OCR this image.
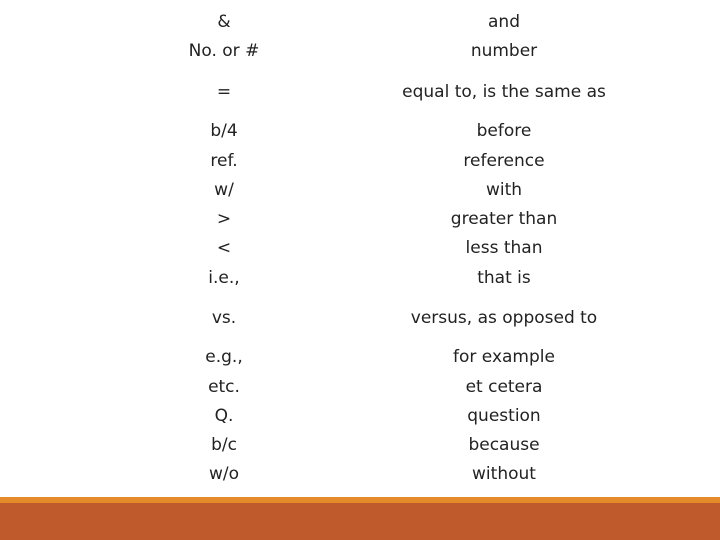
&	and
No. or #	number
=	equal to, is the same as
b/4	before
ref.	reference
w/	with
>	greater than
<	less than
i.e.,	that is
vs.	versus, as opposed to
e.g.,	for example
etc.	et cetera
Q.	question
b/c	because
w/o	without
